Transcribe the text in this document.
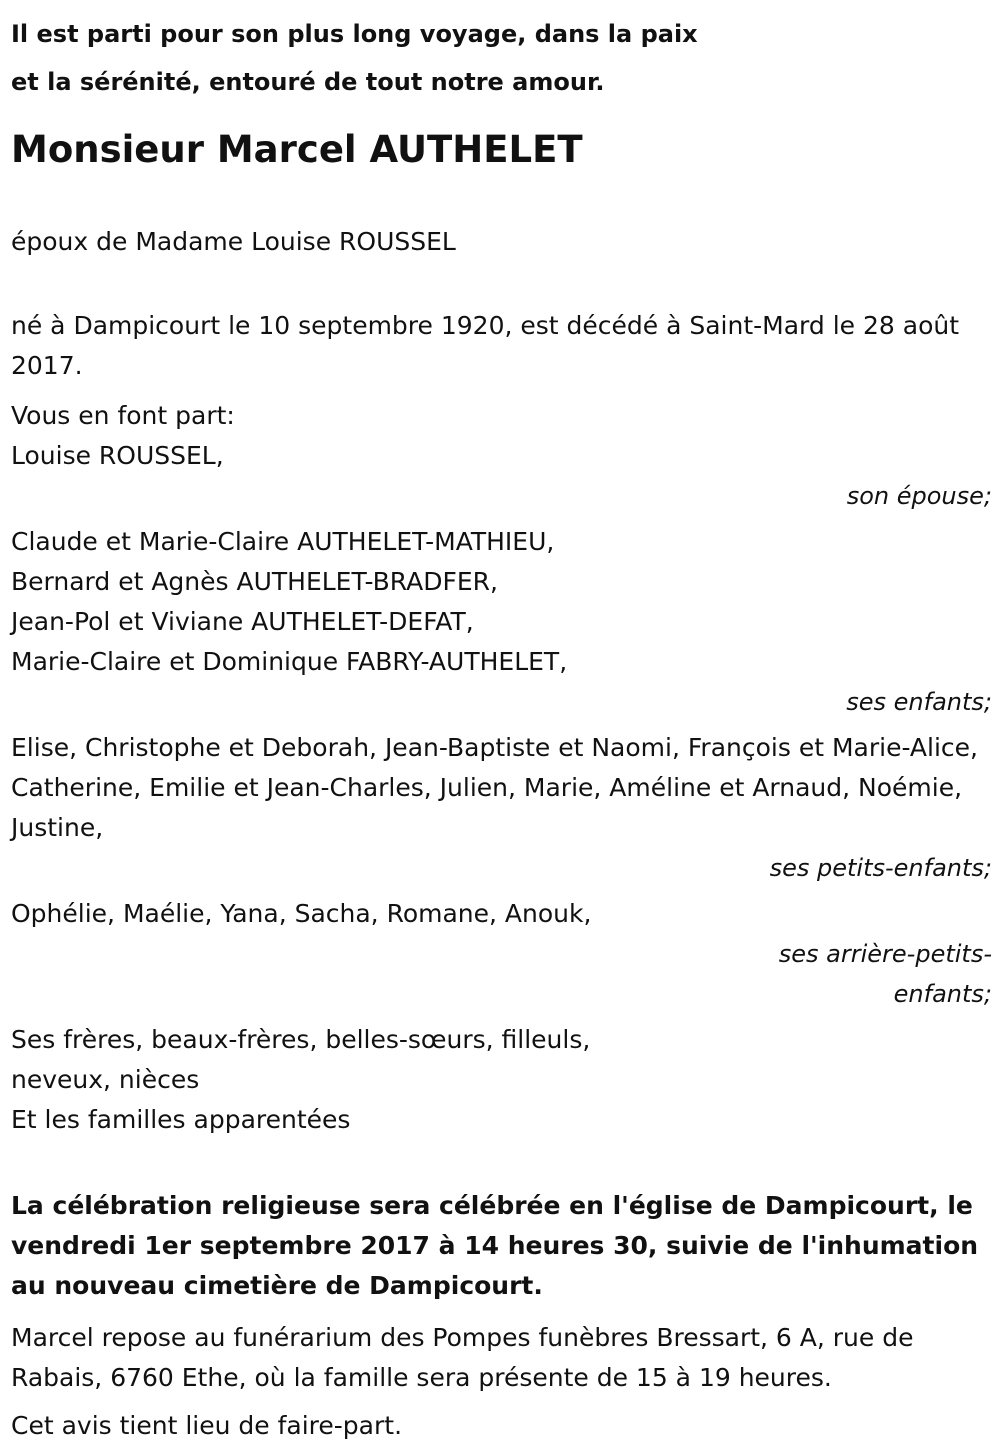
Il est parti pour son plus long voyage, dans la paix

et la sérénité, entouré de tout notre amour.

Monsieur Marcel AUTHELET
époux de Madame Louise ROUSSEL
né à Dampicourt le 10 septembre 1920, est décédé à Saint-Mard le 28 août 2017.
Vous en font part:
Louise ROUSSEL,
son épouse;
Claude et Marie-Claire AUTHELET-MATHIEU,
Bernard et Agnès AUTHELET-BRADFER,
Jean-Pol et Viviane AUTHELET-DEFAT,
Marie-Claire et Dominique FABRY-AUTHELET,
ses enfants;
Elise, Christophe et Deborah, Jean-Baptiste et Naomi, François et Marie-Alice, Catherine, Emilie et Jean-Charles, Julien, Marie, Améline et Arnaud, Noémie, Justine,
ses petits-enfants;
Ophélie, Maélie, Yana, Sacha, Romane, Anouk,
ses arrière-petits-
enfants;
Ses frères, beaux-frères, belles-sœurs, filleuls,
neveux, nièces
Et les familles apparentées
La célébration religieuse sera célébrée en l'église de Dampicourt, le vendredi 1er septembre 2017 à 14 heures 30, suivie de l'inhumation au nouveau cimetière de Dampicourt.
Marcel repose au funérarium des Pompes funèbres Bressart, 6 A, rue de Rabais, 6760 Ethe, où la famille sera présente de 15 à 19 heures.
Cet avis tient lieu de faire-part.
